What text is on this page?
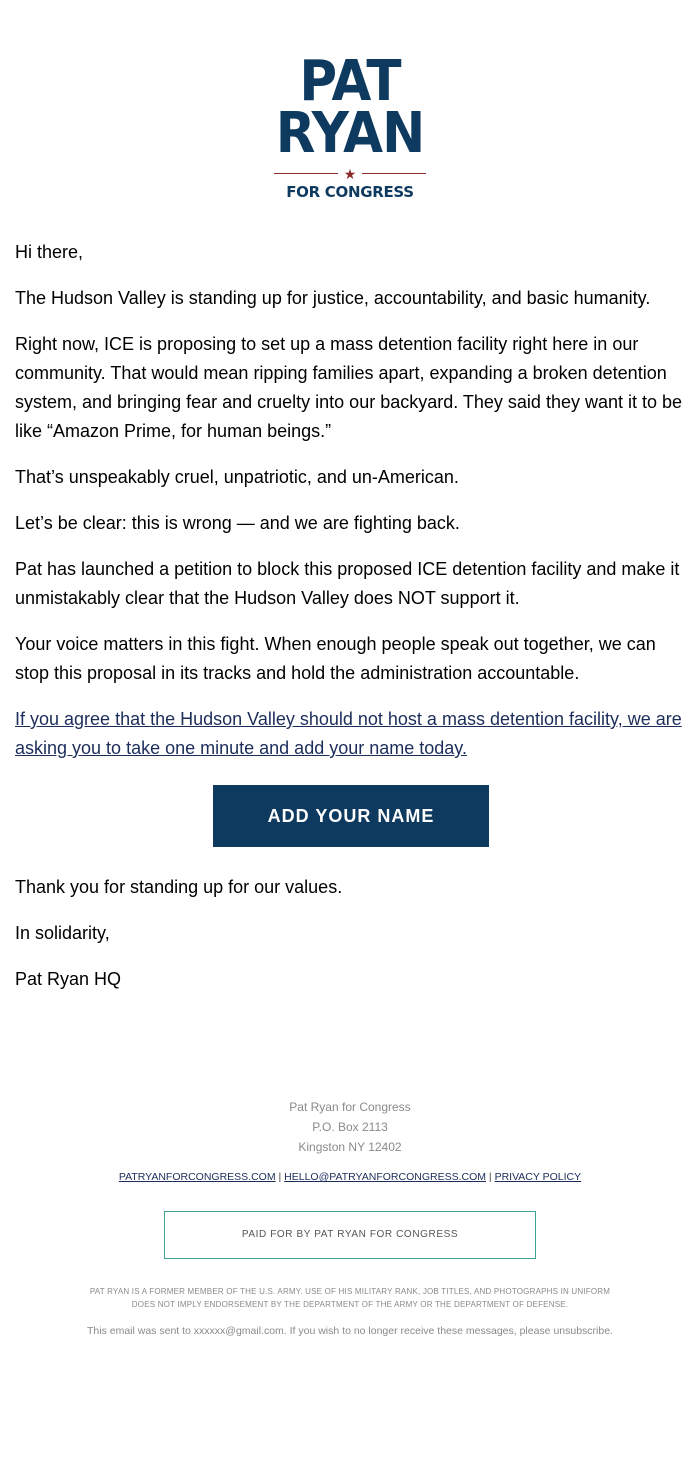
PAT
RYAN
★
FOR CONGRESS

Hi there,

The Hudson Valley is standing up for justice, accountability, and basic humanity.

Right now, ICE is proposing to set up a mass detention facility right here in our community. That would mean ripping families apart, expanding a broken detention system, and bringing fear and cruelty into our backyard. They said they want it to be like “Amazon Prime, for human beings.”

That’s unspeakably cruel, unpatriotic, and un-American.

Let’s be clear: this is wrong — and we are fighting back.

Pat has launched a petition to block this proposed ICE detention facility and make it unmistakably clear that the Hudson Valley does NOT support it.

Your voice matters in this fight. When enough people speak out together, we can stop this proposal in its tracks and hold the administration accountable.

If you agree that the Hudson Valley should not host a mass detention facility, we are asking you to take one minute and add your name today.

ADD YOUR NAME

Thank you for standing up for our values.

In solidarity,

Pat Ryan HQ

Pat Ryan for Congress
P.O. Box 2113
Kingston NY 12402
PATRYANFORCONGRESS.COM | HELLO@PATRYANFORCONGRESS.COM | PRIVACY POLICY
PAID FOR BY PAT RYAN FOR CONGRESS
PAT RYAN IS A FORMER MEMBER OF THE U.S. ARMY. USE OF HIS MILITARY RANK, JOB TITLES, AND PHOTOGRAPHS IN UNIFORM DOES NOT IMPLY ENDORSEMENT BY THE DEPARTMENT OF THE ARMY OR THE DEPARTMENT OF DEFENSE.
This email was sent to xxxxxx@gmail.com. If you wish to no longer receive these messages, please unsubscribe.
